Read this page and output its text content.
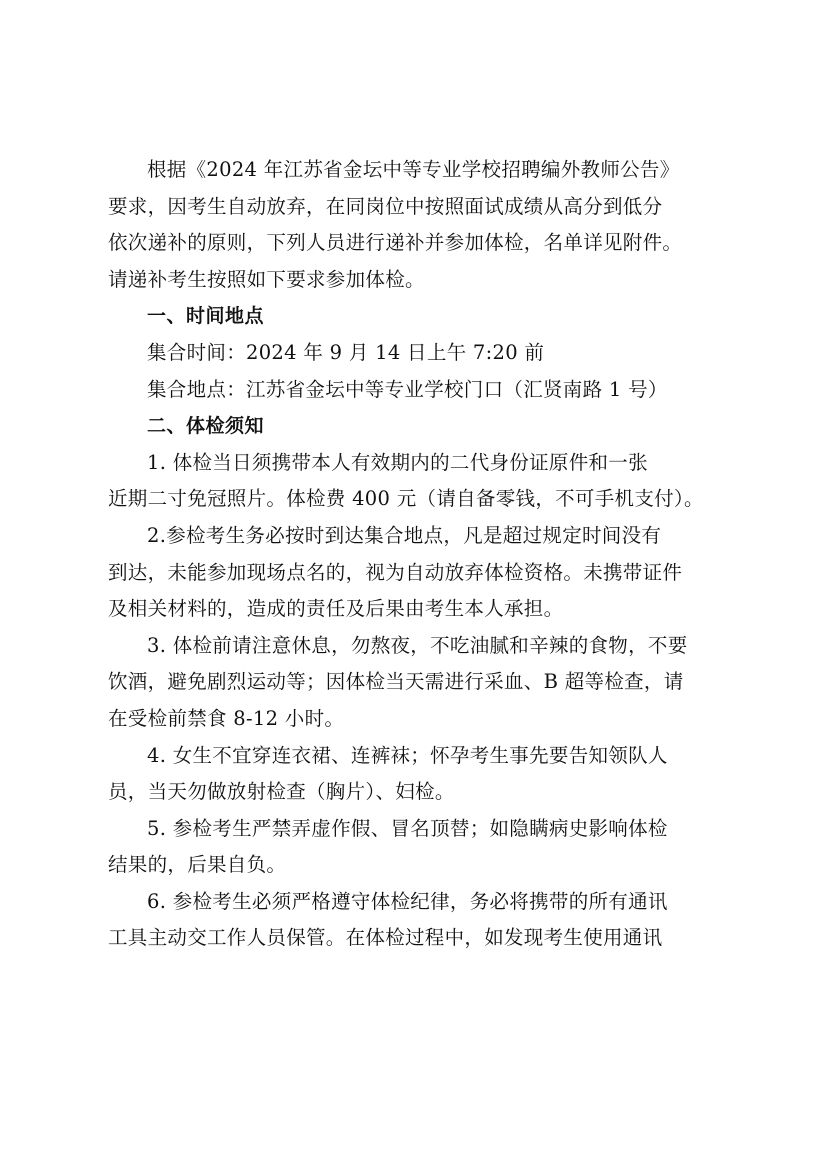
根据《2024 年江苏省金坛中等专业学校招聘编外教师公告》
要求，因考生自动放弃，在同岗位中按照面试成绩从高分到低分
依次递补的原则，下列人员进行递补并参加体检，名单详见附件。
请递补考生按照如下要求参加体检。

一、时间地点

集合时间：2024 年 9 月 14 日上午 7:20 前

集合地点：江苏省金坛中等专业学校门口（汇贤南路 1 号）

二、体检须知

1. 体检当日须携带本人有效期内的二代身份证原件和一张
近期二寸免冠照片。体检费 400 元（请自备零钱，不可手机支付）。

2.参检考生务必按时到达集合地点，凡是超过规定时间没有
到达，未能参加现场点名的，视为自动放弃体检资格。未携带证件
及相关材料的，造成的责任及后果由考生本人承担。

3. 体检前请注意休息，勿熬夜，不吃油腻和辛辣的食物，不要
饮酒，避免剧烈运动等；因体检当天需进行采血、B 超等检查，请
在受检前禁食 8-12 小时。

4. 女生不宜穿连衣裙、连裤袜；怀孕考生事先要告知领队人
员，当天勿做放射检查（胸片）、妇检。

5. 参检考生严禁弄虚作假、冒名顶替；如隐瞒病史影响体检
结果的，后果自负。

6. 参检考生必须严格遵守体检纪律，务必将携带的所有通讯
工具主动交工作人员保管。在体检过程中，如发现考生使用通讯
